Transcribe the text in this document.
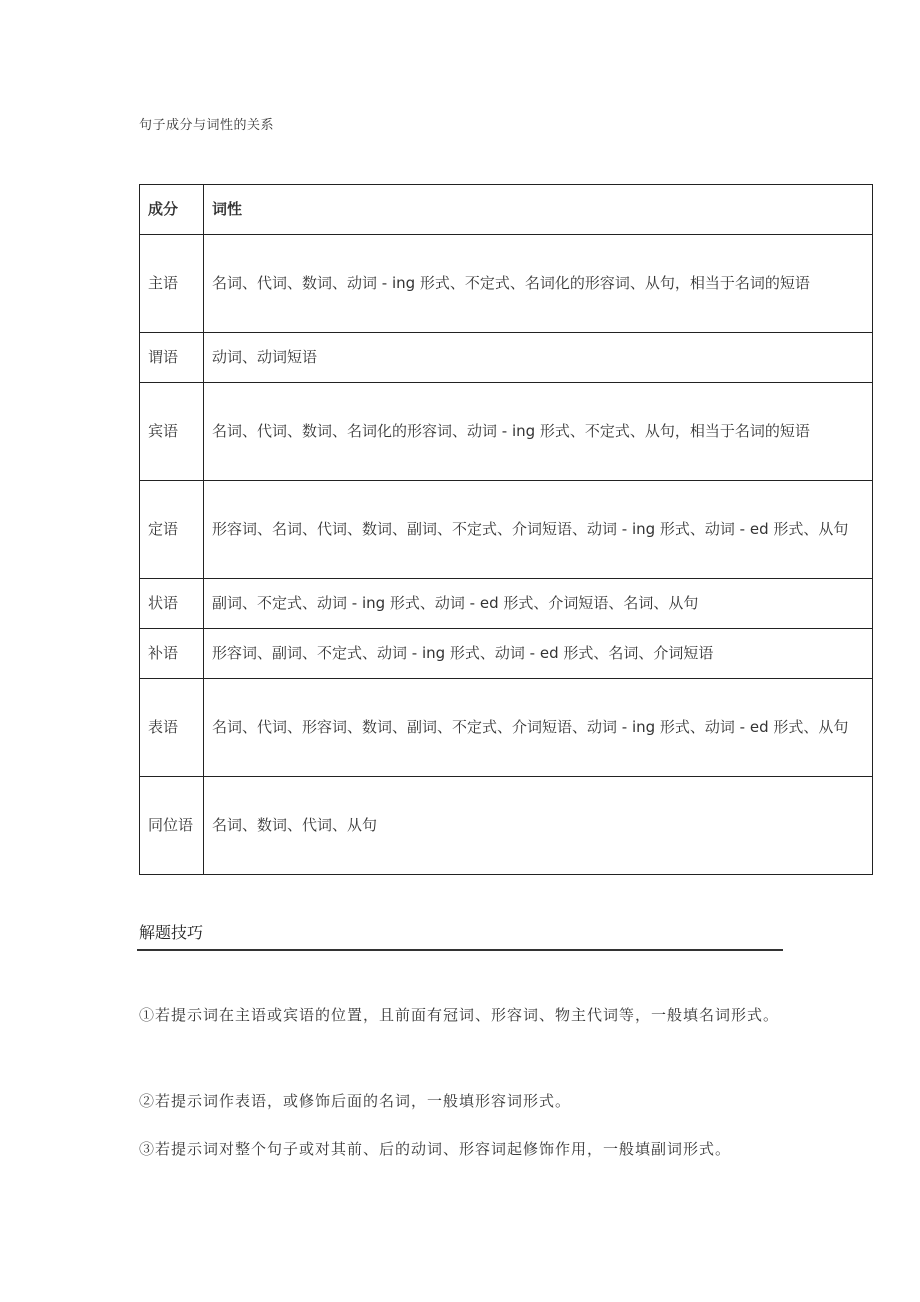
句子成分与词性的关系
成分	词性
主语	名词、代词、数词、动词 - ing 形式、不定式、名词化的形容词、从句，相当于名词的短语
谓语	动词、动词短语
宾语	名词、代词、数词、名词化的形容词、动词 - ing 形式、不定式、从句，相当于名词的短语
定语	形容词、名词、代词、数词、副词、不定式、介词短语、动词 - ing 形式、动词 - ed 形式、从句
状语	副词、不定式、动词 - ing 形式、动词 - ed 形式、介词短语、名词、从句
补语	形容词、副词、不定式、动词 - ing 形式、动词 - ed 形式、名词、介词短语
表语	名词、代词、形容词、数词、副词、不定式、介词短语、动词 - ing 形式、动词 - ed 形式、从句
同位语	名词、数词、代词、从句
解题技巧
①若提示词在主语或宾语的位置，且前面有冠词、形容词、物主代词等，一般填名词形式。
②若提示词作表语，或修饰后面的名词，一般填形容词形式。
③若提示词对整个句子或对其前、后的动词、形容词起修饰作用，一般填副词形式。
